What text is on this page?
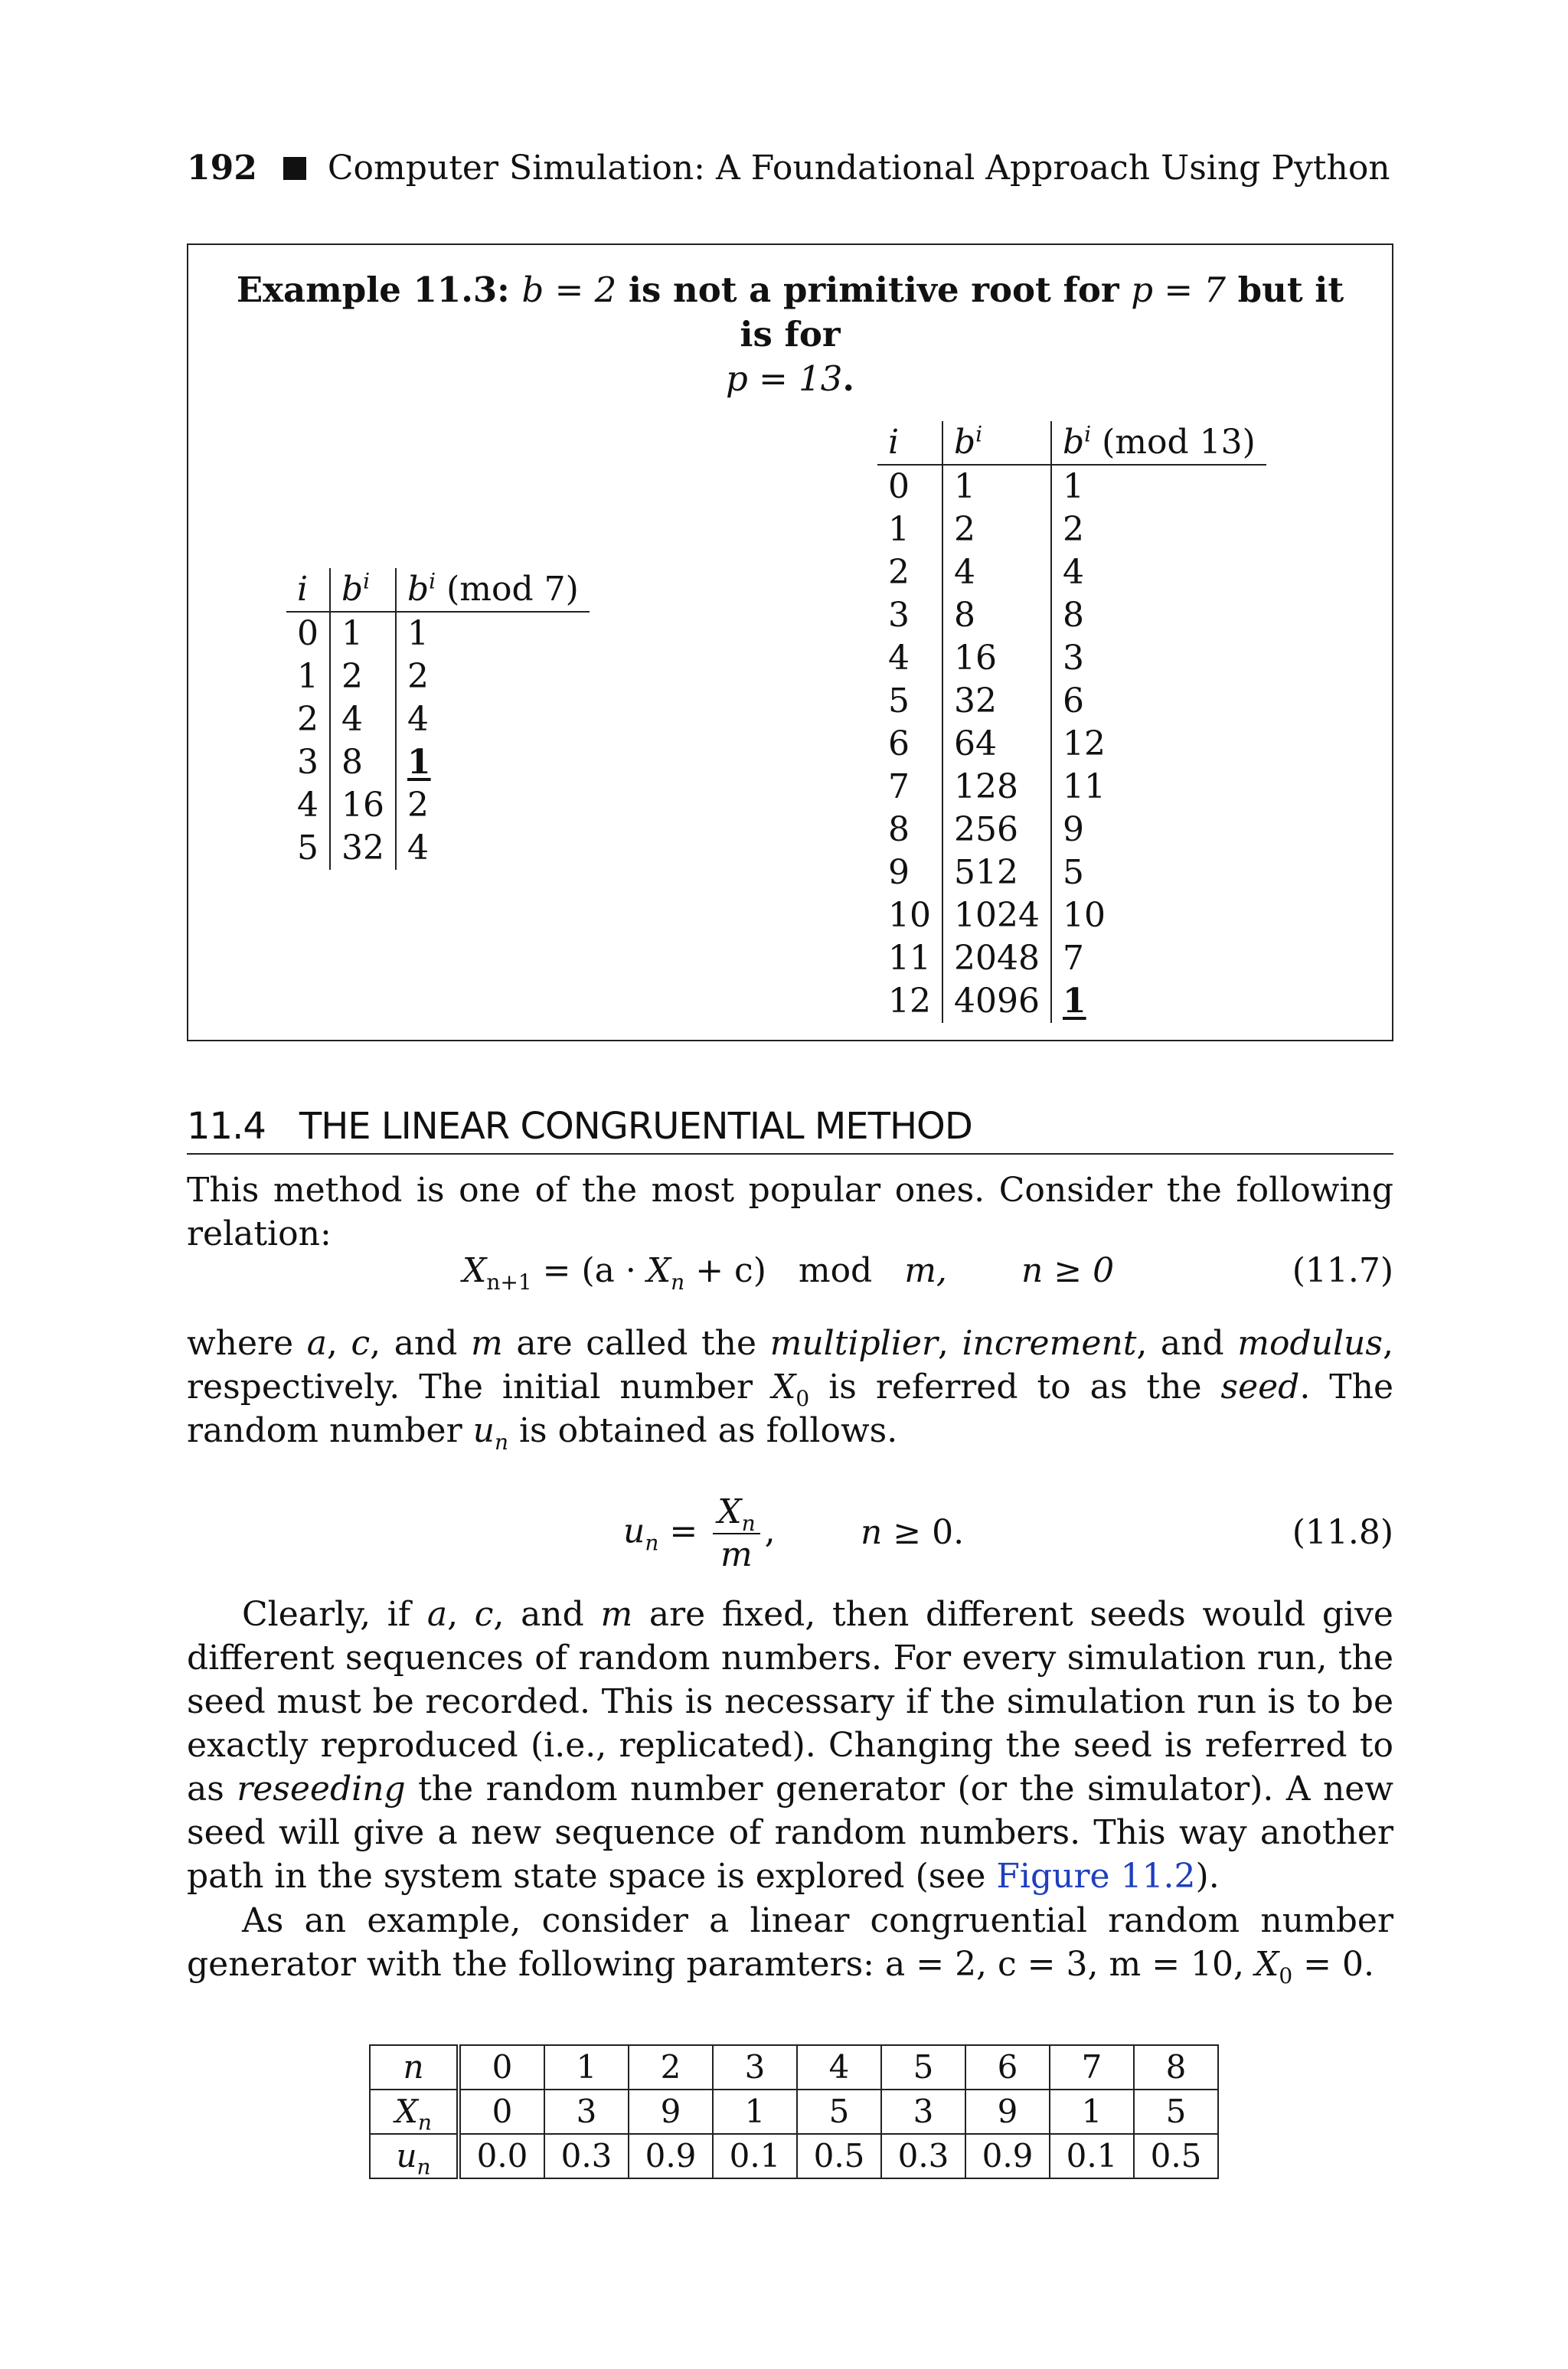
192 Computer Simulation: A Foundational Approach Using Python
Example 11.3: b = 2 is not a primitive root for p = 7 but it is for
p = 13.
i	$b^i$	$b^i$ (mod 7)
0	1	1
1	2	2
2	4	4
3	8	1
4	16	2
5	32	4
i	$b^i$	$b^i$ (mod 13)
0	1	1
1	2	2
2	4	4
3	8	8
4	16	3
5	32	6
6	64	12
7	128	11
8	256	9
9	512	5
10	1024	10
11	2048	7
12	4096	1
11.4 THE LINEAR CONGRUENTIAL METHOD
This method is one of the most popular ones. Consider the following relation:
$X_{n+1} = (a \cdot X_n + c)$ mod m, n ≥ 0	(11.7)
where a, c, and m are called the multiplier, increment, and modulus, respectively. The initial number $X_0$ is referred to as the seed. The random number $u_n$ is obtained as follows.
$u_n = \frac{X_n}{m}$ ,	n ≥ 0.	(11.8)
Clearly, if a, c, and m are fixed, then different seeds would give different sequences of random numbers. For every simulation run, the seed must be recorded. This is necessary if the simulation run is to be exactly reproduced (i.e., replicated). Changing the seed is referred to as reseeding the random number generator (or the simulator). A new seed will give a new sequence of random numbers. This way another path in the system state space is explored (see Figure 11.2).
As an example, consider a linear congruential random number generator with the following paramters: a = 2, c = 3, m = 10, $X_0 = 0$.
n	0	1	2	3	4	5	6	7	8
$X_n$	0	3	9	1	5	3	9	1	5
$u_n$	0.0	0.3	0.9	0.1	0.5	0.3	0.9	0.1	0.5
